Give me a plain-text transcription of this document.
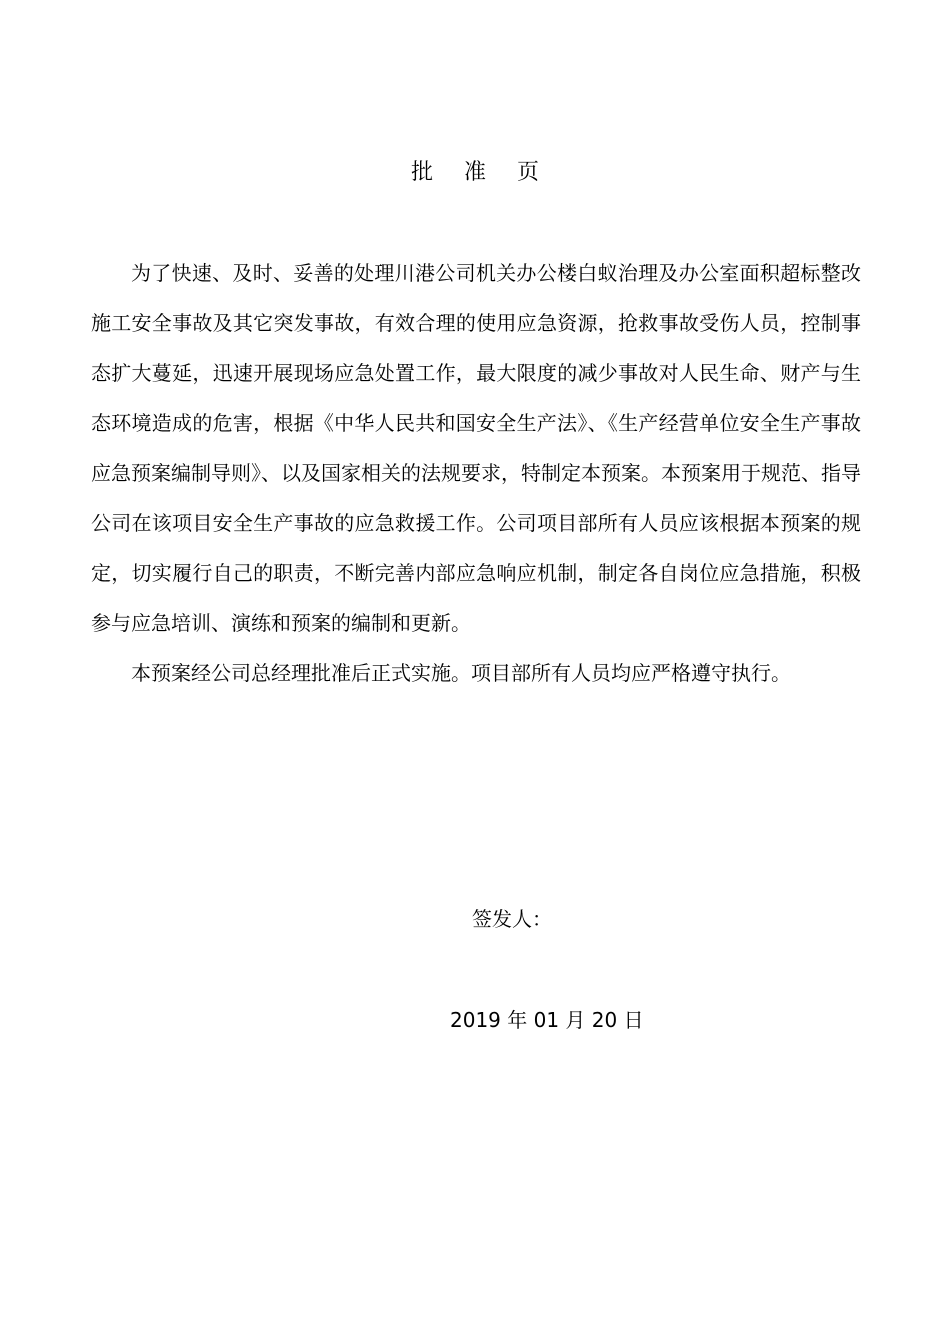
批 准 页

为了快速、及时、妥善的处理川港公司机关办公楼白蚁治理及办公室面积超标整改施工安全事故及其它突发事故，有效合理的使用应急资源，抢救事故受伤人员，控制事态扩大蔓延，迅速开展现场应急处置工作，最大限度的减少事故对人民生命、财产与生态环境造成的危害，根据《中华人民共和国安全生产法》、《生产经营单位安全生产事故应急预案编制导则》、以及国家相关的法规要求，特制定本预案。本预案用于规范、指导公司在该项目安全生产事故的应急救援工作。公司项目部所有人员应该根据本预案的规定，切实履行自己的职责，不断完善内部应急响应机制，制定各自岗位应急措施，积极参与应急培训、演练和预案的编制和更新。

本预案经公司总经理批准后正式实施。项目部所有人员均应严格遵守执行。

签发人：
2019 年 01 月 20 日
